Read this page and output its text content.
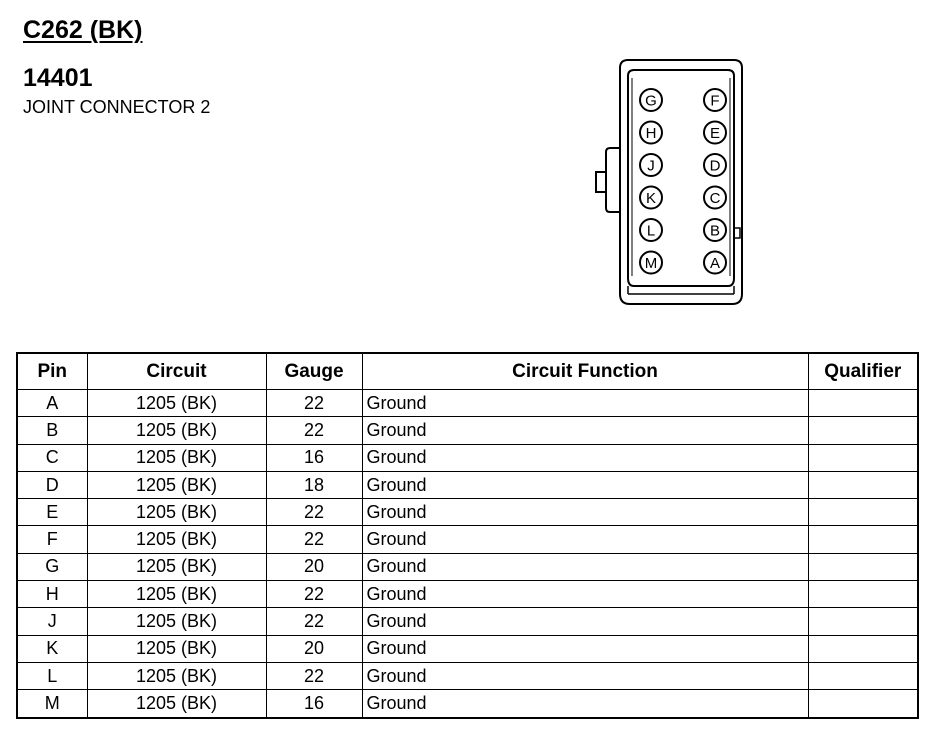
C262 (BK)
14401
JOINT CONNECTOR 2	G
H
J
K
L
M
F
E
D
C
B
A
Pin	Circuit	Gauge	Circuit Function	Qualifier
A	1205 (BK)	22	Ground	
B	1205 (BK)	22	Ground	
C	1205 (BK)	16	Ground	
D	1205 (BK)	18	Ground	
E	1205 (BK)	22	Ground	
F	1205 (BK)	22	Ground	
G	1205 (BK)	20	Ground	
H	1205 (BK)	22	Ground	
J	1205 (BK)	22	Ground	
K	1205 (BK)	20	Ground	
L	1205 (BK)	22	Ground	
M	1205 (BK)	16	Ground	
